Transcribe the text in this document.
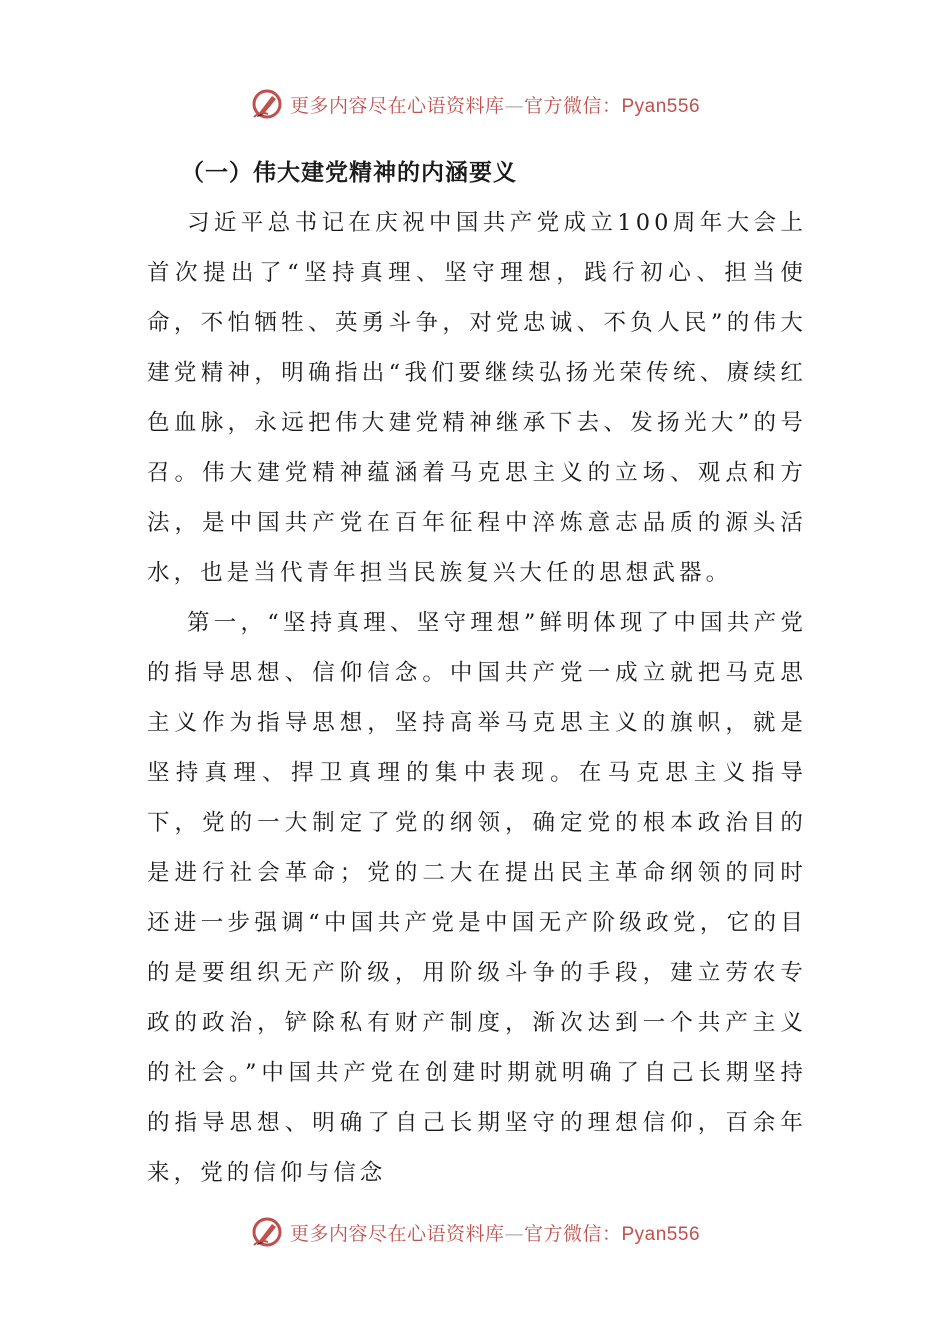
更多内容尽在心语资料库—官方微信：Pyan556
（一）伟大建党精神的内涵要义

习近平总书记在庆祝中国共产党成立100周年大会上首次提出了“坚持真理、坚守理想，践行初心、担当使命，不怕牺牲、英勇斗争，对党忠诚、不负人民”的伟大建党精神，明确指出“我们要继续弘扬光荣传统、赓续红色血脉，永远把伟大建党精神继承下去、发扬光大”的号召。伟大建党精神蕴涵着马克思主义的立场、观点和方法，是中国共产党在百年征程中淬炼意志品质的源头活水，也是当代青年担当民族复兴大任的思想武器。

第一，“坚持真理、坚守理想”鲜明体现了中国共产党的指导思想、信仰信念。中国共产党一成立就把马克思主义作为指导思想，坚持高举马克思主义的旗帜，就是坚持真理、捍卫真理的集中表现。在马克思主义指导下，党的一大制定了党的纲领，确定党的根本政治目的是进行社会革命；党的二大在提出民主革命纲领的同时还进一步强调“中国共产党是中国无产阶级政党，它的目的是要组织无产阶级，用阶级斗争的手段，建立劳农专政的政治，铲除私有财产制度，渐次达到一个共产主义的社会。”中国共产党在创建时期就明确了自己长期坚持的指导思想、明确了自己长期坚守的理想信仰，百余年来，党的信仰与信念

更多内容尽在心语资料库—官方微信：Pyan556
